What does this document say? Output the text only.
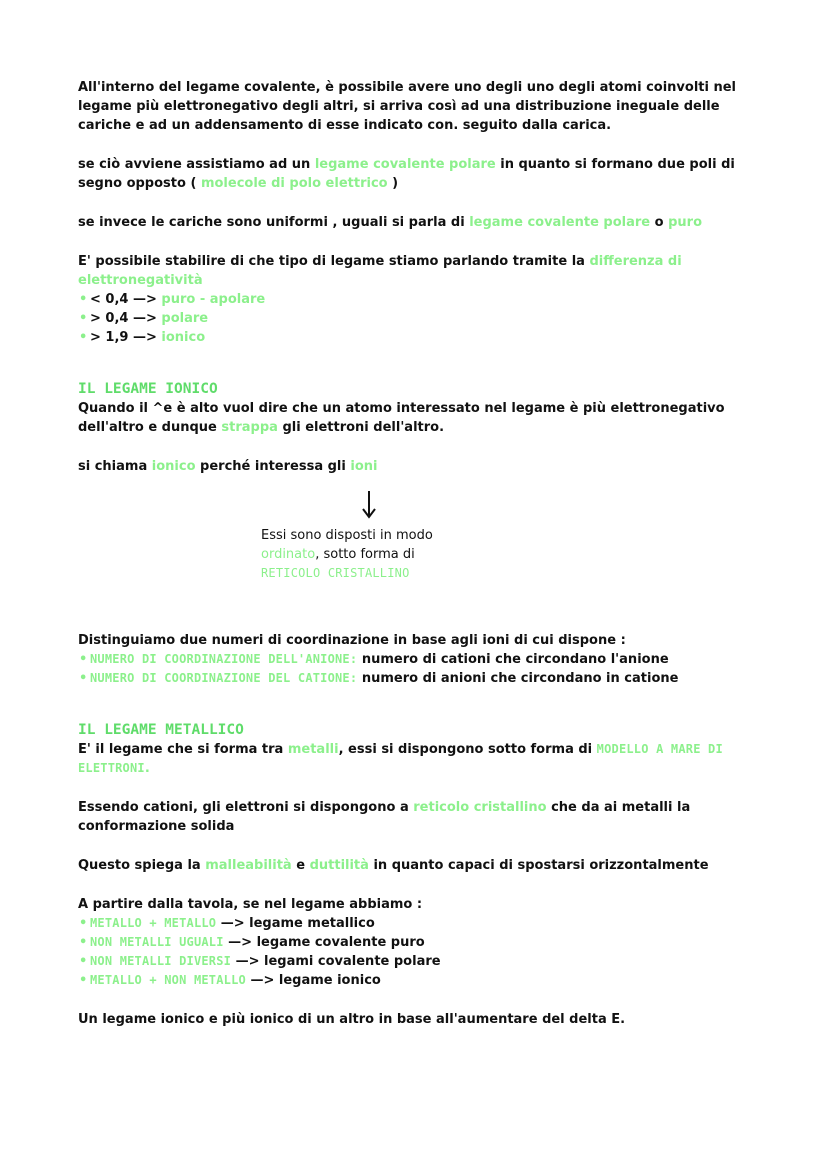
All'interno del legame covalente, è possibile avere uno degli uno degli atomi coinvolti nel legame più elettronegativo degli altri, si arriva così ad una distribuzione ineguale delle cariche e ad un addensamento di esse indicato con. seguito dalla carica.

se ciò avviene assistiamo ad un legame covalente polare in quanto si formano due poli di segno opposto ( molecole di polo elettrico )

se invece le cariche sono uniformi , uguali si parla di legame covalente polare o puro

E' possibile stabilire di che tipo di legame stiamo parlando tramite la differenza di elettronegatività

• < 0,4 —> puro - apolare
• > 0,4 —> polare
• > 1,9 —> ionico

IL LEGAME IONICO

Quando il ^e è alto vuol dire che un atomo interessato nel legame è più elettronegativo dell'altro e dunque strappa gli elettroni dell'altro.

si chiama ionico perché interessa gli ioni

Essi sono disposti in modo

ordinato, sotto forma di

RETICOLO CRISTALLINO

Distinguiamo due numeri di coordinazione in base agli ioni di cui dispone :

• NUMERO DI COORDINAZIONE DELL'ANIONE: numero di cationi che circondano l'anione
• NUMERO DI COORDINAZIONE DEL CATIONE: numero di anioni che circondano in catione

IL LEGAME METALLICO

E' il legame che si forma tra metalli, essi si dispongono sotto forma di MODELLO A MARE DI ELETTRONI.

Essendo cationi, gli elettroni si dispongono a reticolo cristallino che da ai metalli la conformazione solida

Questo spiega la malleabilità e duttilità in quanto capaci di spostarsi orizzontalmente

A partire dalla tavola, se nel legame abbiamo :

• METALLO + METALLO —> legame metallico
• NON METALLI UGUALI —> legame covalente puro
• NON METALLI DIVERSI —> legami covalente polare
• METALLO + NON METALLO —> legame ionico

Un legame ionico e più ionico di un altro in base all'aumentare del delta E.
